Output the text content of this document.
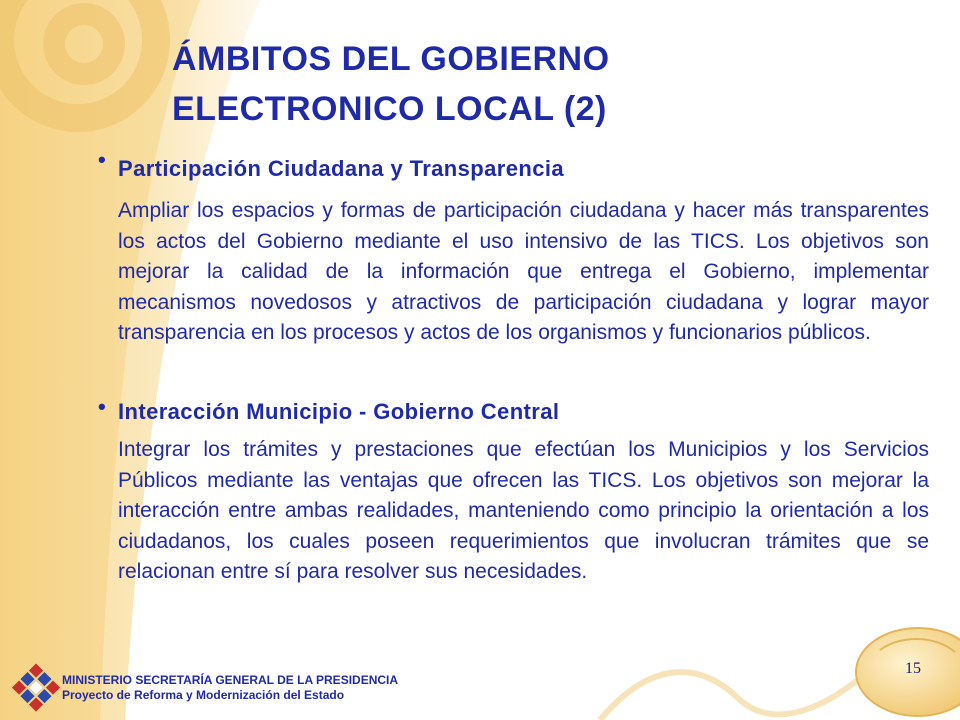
ÁMBITOS DEL GOBIERNO
ELECTRONICO LOCAL (2)
• Participación Ciudadana y Transparencia

Ampliar los espacios y formas de participación ciudadana y hacer más transparentes los actos del Gobierno mediante el uso intensivo de las TICS. Los objetivos son mejorar la calidad de la información que entrega el Gobierno, implementar mecanismos novedosos y atractivos de participación ciudadana y lograr mayor transparencia en los procesos y actos de los organismos y funcionarios públicos.

• Interacción Municipio - Gobierno Central

Integrar los trámites y prestaciones que efectúan los Municipios y los Servicios Públicos mediante las ventajas que ofrecen las TICS. Los objetivos son mejorar la interacción entre ambas realidades, manteniendo como principio la orientación a los ciudadanos, los cuales poseen requerimientos que involucran trámites que se relacionan entre sí para resolver sus necesidades.

MINISTERIO SECRETARÍA GENERAL DE LA PRESIDENCIA
Proyecto de Reforma y Modernización del Estado
15
